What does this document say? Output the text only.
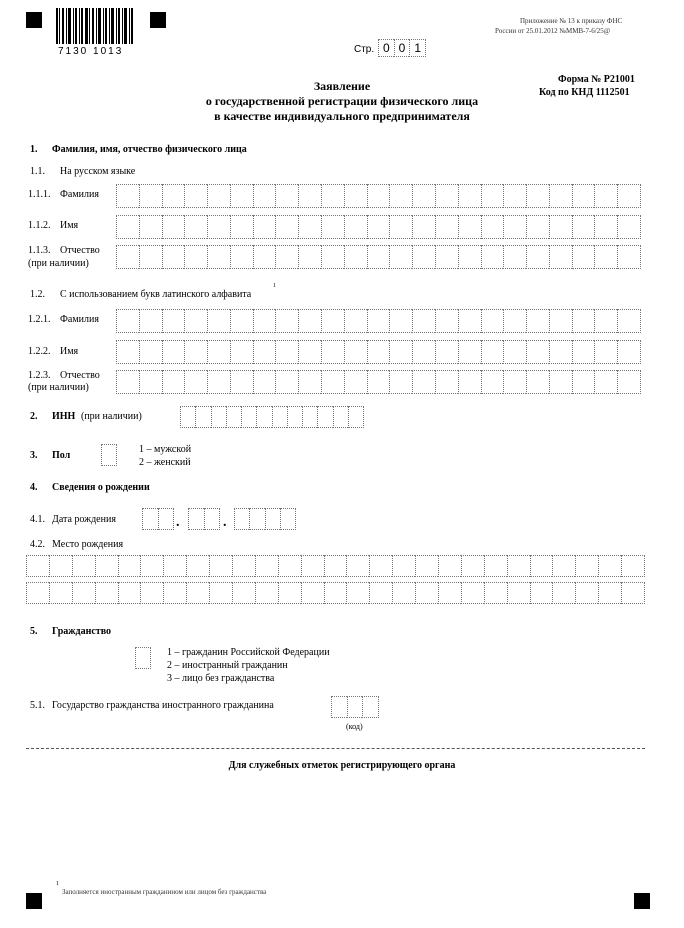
7130 1013	Стр. 0 0 1
Приложение № 13 к приказу ФНС
России от 25.01.2012 №ММВ-7-6/25@
Форма № Р21001
Код по КНД 1112501
Заявление
о государственной регистрации физического лица
в качестве индивидуального предпринимателя
1. Фамилия, имя, отчество физического лица
1.1. На русском языке
1.1.1. Фамилия
1.1.2. Имя
1.1.3. Отчество
(при наличии)
1.2. С использованием букв латинского алфавита
1
1.2.1. Фамилия
1.2.2. Имя
1.2.3. Отчество
(при наличии)
2. ИНН (при наличии)
3. Пол
1 – мужской
2 – женский
4. Сведения о рождении
4.1. Дата рождения	.	.
4.2. Место рождения
5. Гражданство
1 – гражданин Российской Федерации
2 – иностранный гражданин
3 – лицо без гражданства
5.1. Государство гражданства иностранного гражданина
(код)
Для служебных отметок регистрирующего органа
1
Заполняется иностранным гражданином или лицом без гражданства
